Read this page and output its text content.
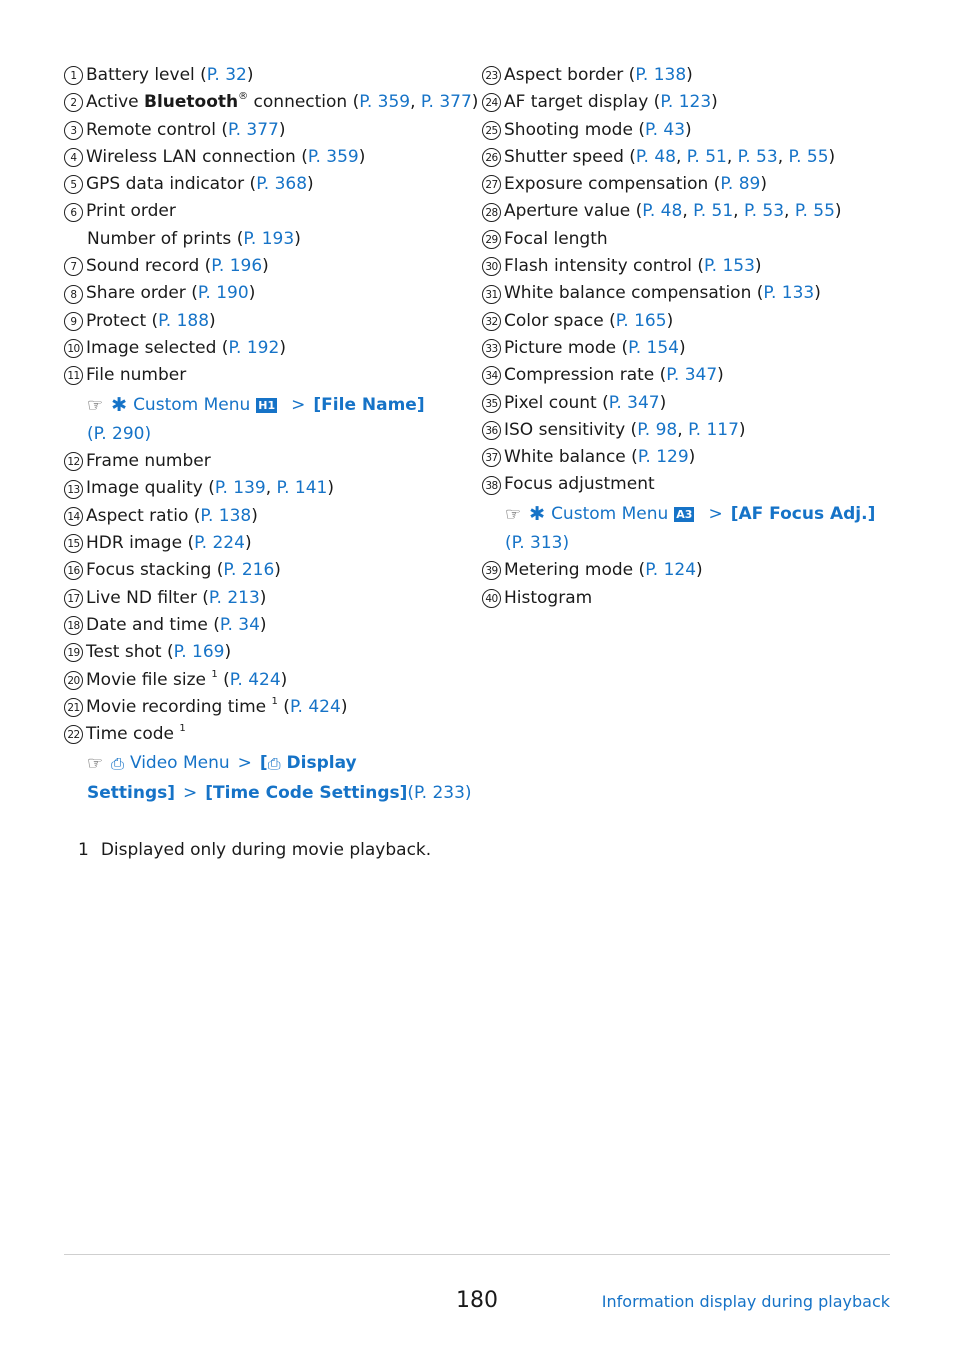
1 Battery level (P. 32)
2 Active Bluetooth® connection (P. 359, P. 377)
3 Remote control (P. 377)
4 Wireless LAN connection (P. 359)
5 GPS data indicator (P. 368)
6 Print order
Number of prints (P. 193)
7 Sound record (P. 196)
8 Share order (P. 190)
9 Protect (P. 188)
10 Image selected (P. 192)
11 File number
☞ ✱ Custom Menu H1 > [File Name]
(P. 290)
12 Frame number
13 Image quality (P. 139, P. 141)
14 Aspect ratio (P. 138)
15 HDR image (P. 224)
16 Focus stacking (P. 216)
17 Live ND filter (P. 213)
18 Date and time (P. 34)
19 Test shot (P. 169)
20 Movie file size $^1$ (P. 424)
21 Movie recording time $^1$ (P. 424)
22 Time code $^1$
☞ ⎙ Video Menu > [ ⎙ Display
Settings] > [Time Code Settings] (P. 233)
23 Aspect border (P. 138)
24 AF target display (P. 123)
25 Shooting mode (P. 43)
26 Shutter speed (P. 48, P. 51, P. 53, P. 55)
27 Exposure compensation (P. 89)
28 Aperture value (P. 48, P. 51, P. 53, P. 55)
29 Focal length
30 Flash intensity control (P. 153)
31 White balance compensation (P. 133)
32 Color space (P. 165)
33 Picture mode (P. 154)
34 Compression rate (P. 347)
35 Pixel count (P. 347)
36 ISO sensitivity (P. 98, P. 117)
37 White balance (P. 129)
38 Focus adjustment
☞ ✱ Custom Menu A3 > [AF Focus Adj.]
(P. 313)
39 Metering mode (P. 124)
40 Histogram
1 Displayed only during movie playback.
180	Information display during playback
